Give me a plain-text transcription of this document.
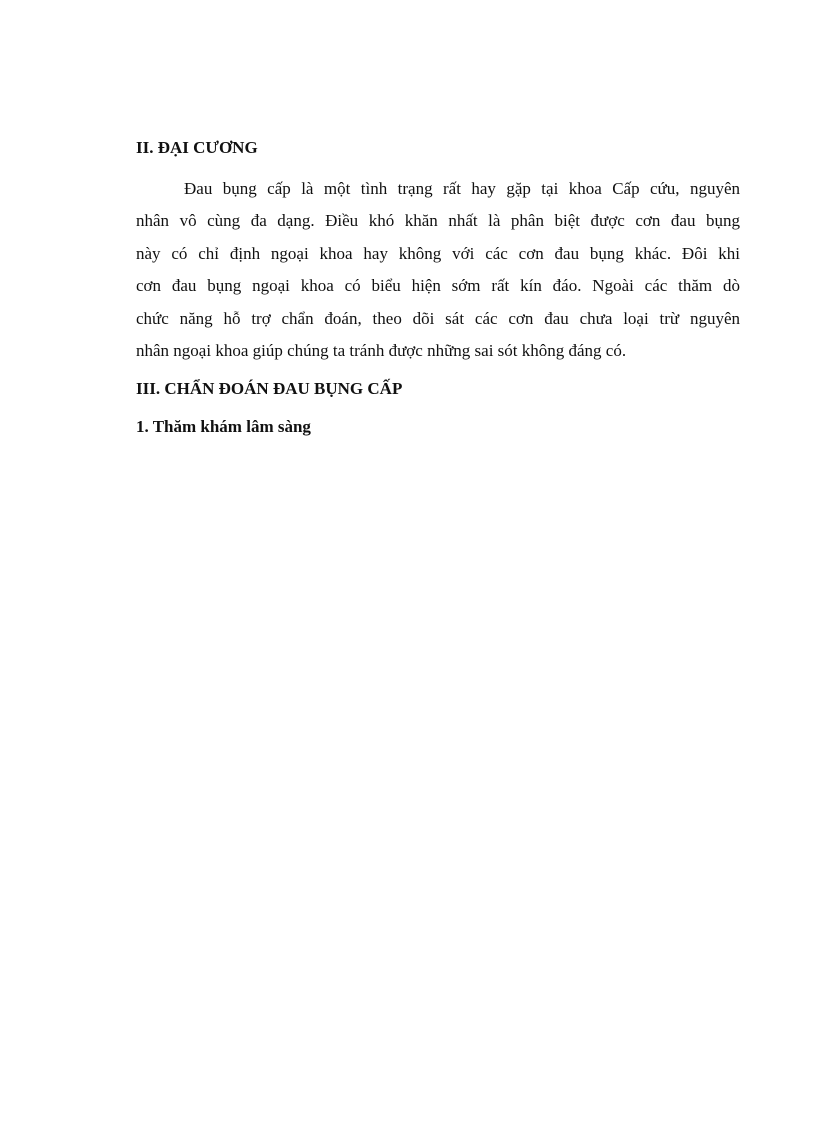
II. ĐẠI CƯƠNG
Đau bụng cấp là một tình trạng rất hay gặp tại khoa Cấp cứu, nguyên
nhân vô cùng đa dạng. Điều khó khăn nhất là phân biệt được cơn đau bụng
này có chỉ định ngoại khoa hay không với các cơn đau bụng khác. Đôi khi
cơn đau bụng ngoại khoa có biểu hiện sớm rất kín đáo. Ngoài các thăm dò
chức năng hỗ trợ chẩn đoán, theo dõi sát các cơn đau chưa loại trừ nguyên
nhân ngoại khoa giúp chúng ta tránh được những sai sót không đáng có.
III. CHẨN ĐOÁN ĐAU BỤNG CẤP
1. Thăm khám lâm sàng
